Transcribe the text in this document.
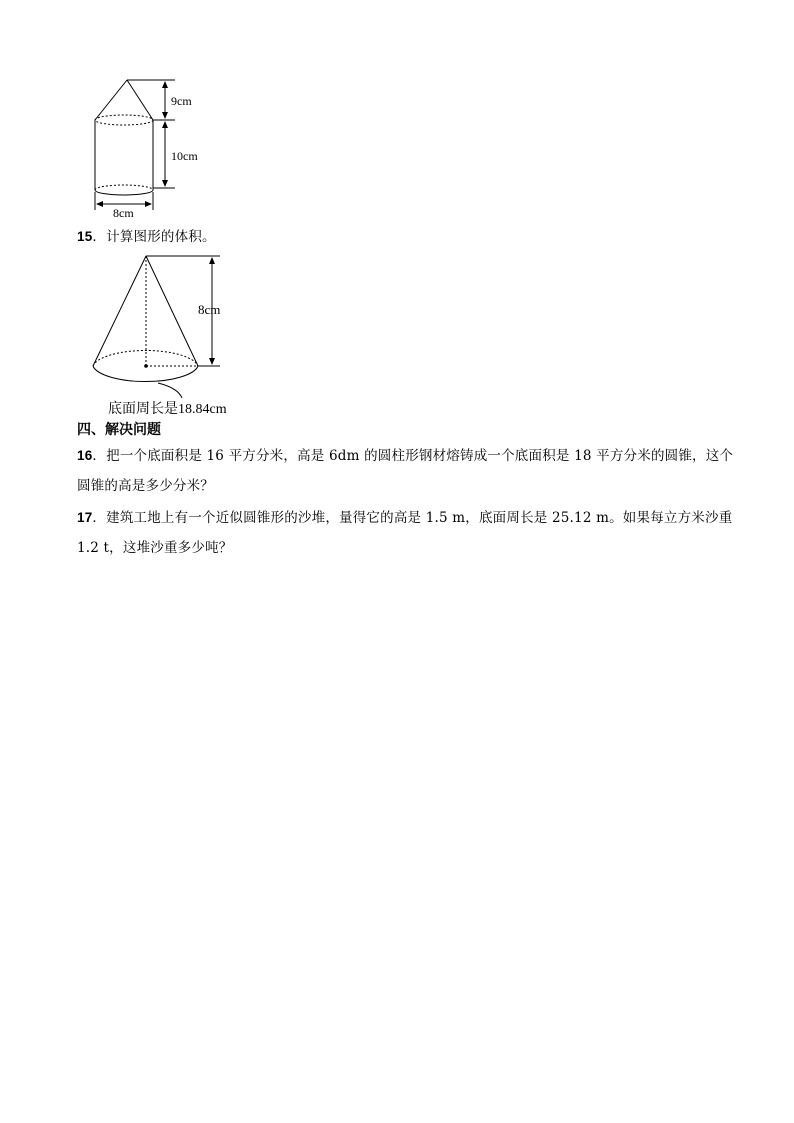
9cm
10cm
8cm
15．计算图形的体积。
8cm
底面周长是18.84cm
四、解决问题
16．把一个底面积是 16 平方分米，高是 6dm 的圆柱形钢材熔铸成一个底面积是 18 平方分米的圆锥，这个圆锥的高是多少分米？
17．建筑工地上有一个近似圆锥形的沙堆，量得它的高是 1.5 m，底面周长是 25.12 m。如果每立方米沙重 1.2 t，这堆沙重多少吨？
